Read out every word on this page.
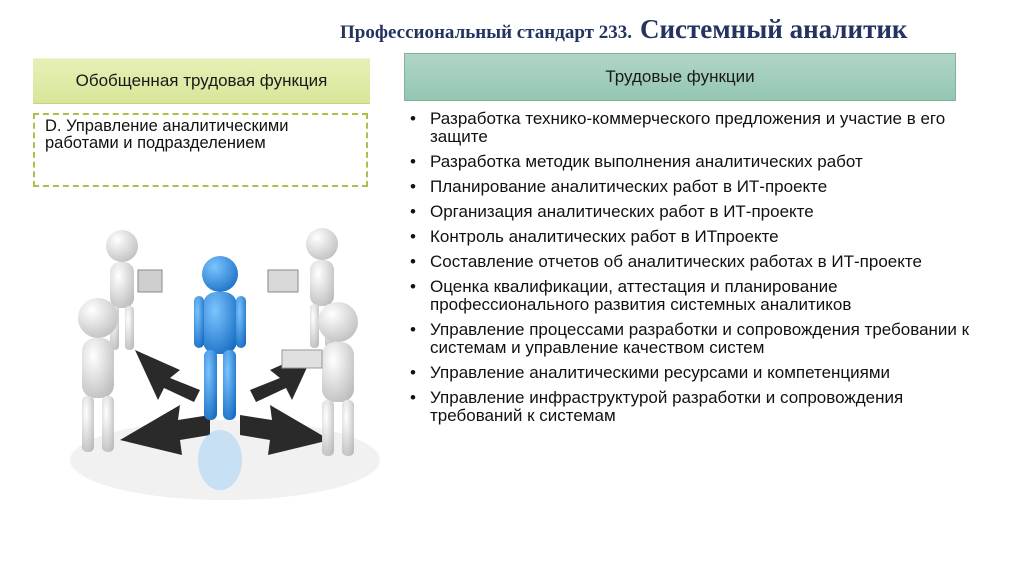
Профессиональный стандарт 233. Системный аналитик
Обобщенная трудовая функция	Трудовые функции
D. Управление аналитическими работами и подразделением
• Разработка технико-коммерческого предложения и участие в его защите
• Разработка методик выполнения аналитических работ
• Планирование аналитических работ в ИТ-проекте
• Организация аналитических работ в ИТ-проекте
• Контроль аналитических работ в ИТпроекте
• Составление отчетов об аналитических работах в ИТ-проекте
• Оценка квалификации, аттестация и планирование профессионального развития системных аналитиков
• Управление процессами разработки и сопровождения требовании к системам и управление качеством систем
• Управление аналитическими ресурсами и компетенциями
• Управление инфраструктурой разработки и сопровождения требований к системам
